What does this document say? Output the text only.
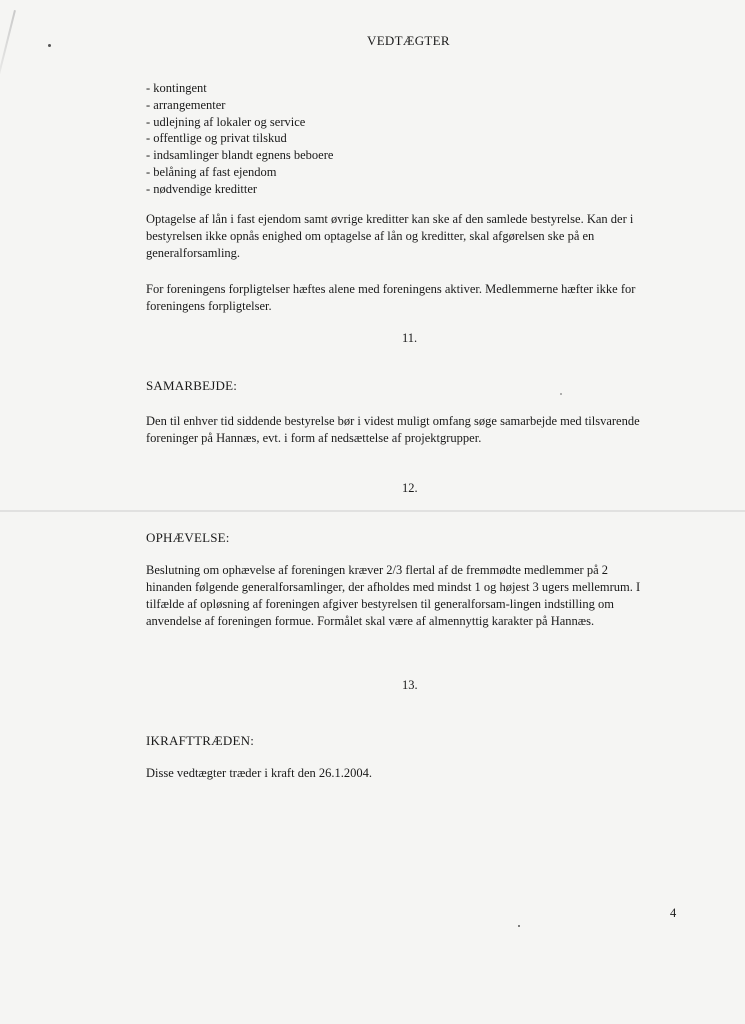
VEDTÆGTER
- kontingent
- arrangementer
- udlejning af lokaler og service
- offentlige og privat tilskud
- indsamlinger blandt egnens beboere
- belåning af fast ejendom
- nødvendige kreditter

Optagelse af lån i fast ejendom samt øvrige kreditter kan ske af den samlede bestyrelse. Kan der i bestyrelsen ikke opnås enighed om optagelse af lån og kreditter, skal afgørelsen ske på en generalforsamling.

For foreningens forpligtelser hæftes alene med foreningens aktiver. Medlemmerne hæfter ikke for foreningens forpligtelser.

11.
SAMARBEJDE:

Den til enhver tid siddende bestyrelse bør i videst muligt omfang søge samarbejde med tilsvarende foreninger på Hannæs, evt. i form af nedsættelse af projektgrupper.

12.
OPHÆVELSE:

Beslutning om ophævelse af foreningen kræver 2/3 flertal af de fremmødte medlemmer på 2 hinanden følgende generalforsamlinger, der afholdes med mindst 1 og højest 3 ugers mellemrum. I tilfælde af opløsning af foreningen afgiver bestyrelsen til generalforsam-lingen indstilling om anvendelse af foreningen formue. Formålet skal være af almennyttig karakter på Hannæs.

13.
IKRAFTTRÆDEN:

Disse vedtægter træder i kraft den 26.1.2004.

4
